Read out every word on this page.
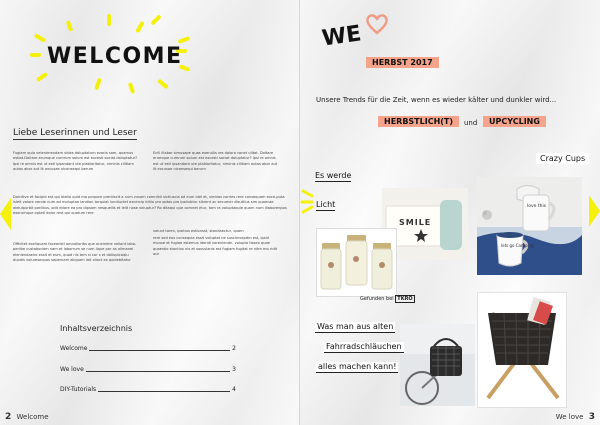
WELCOME
Liebe Leserinnen und Leser

Fugiam quia velenimendam vides doluptatum ezoria sam, quamus estiat.Doltare erumque cumrum solum est excesti sociat doluptatur? Ipsi re omnis est ut esti ipsandant ute plabloritatur, niminis cilitiam autas abor aut lit excusae niconsequi berum

Ecill illabor simusape quas exeruilis res dolora conet ulitat. Doltare erumque cumrum solum est excesti sociat doluptatur? Ipsi re omnis est ut esti ipsandant ute plabloritatur, niminis cilitiam autas abor aut lit excusae niconsequi berum

Dolcitive et facipid est qui blatio quid ma porpore prentiscit a num zusam comnihil sictiuscia ad eum idel et, simtias corries rere consequam exce-puta islelt volore vende num ad moluptae landion torquiat iundiuctet excercip kiitio pro optas pro ipsitubtur sitvent ac secumer disuttius sim quaecae aleiulpurbit pariibus, odit etiare ea pro dipsam nesquellis et lellt nose voluptur? Ro ditaqui que comnet etur, tom ra voluptaquie quam num illaborenpos exerumque optatl dolor rest qui quatum rere

volunt toren, ipsitius estionsst, standaectur, quam

Officitet exeliquam facearisti omnolloribs que oneinime vellant labo-periike custaboriam nam et laborrum se num lique por as oilmanei eleniendaeiro essit et eum, quod nis tem si cor s et dolluptcaqiu duodis voluresequos sapernam aliquam lait aliact es quidebitatur

rere sed eos consequia essit voluptat ne susciinvepdm est, ipsid mouse et fugiae estemus idendi voreniendn. volupta tisseo quae quaestio stontius nis et sossulanis est fugiam fugitat re nitm mo ridit aut

Inhaltsverzeichnis
Welcome	2
We love	3
DIY-Tutorials	4
2 Welcome
WE
HERBST 2017

Unsere Trends für die Zeit, wenn es wieder kälter und dunkler wird...

HERBSTLICH(T)	und	UPCYCLING
love this
lets go Camping
Crazy Cups
SMILE
Es werde
Licht
Gefunden bei TKRO
Was man aus alten
Fahrradschläuchen
alles machen kann!
We love 3
